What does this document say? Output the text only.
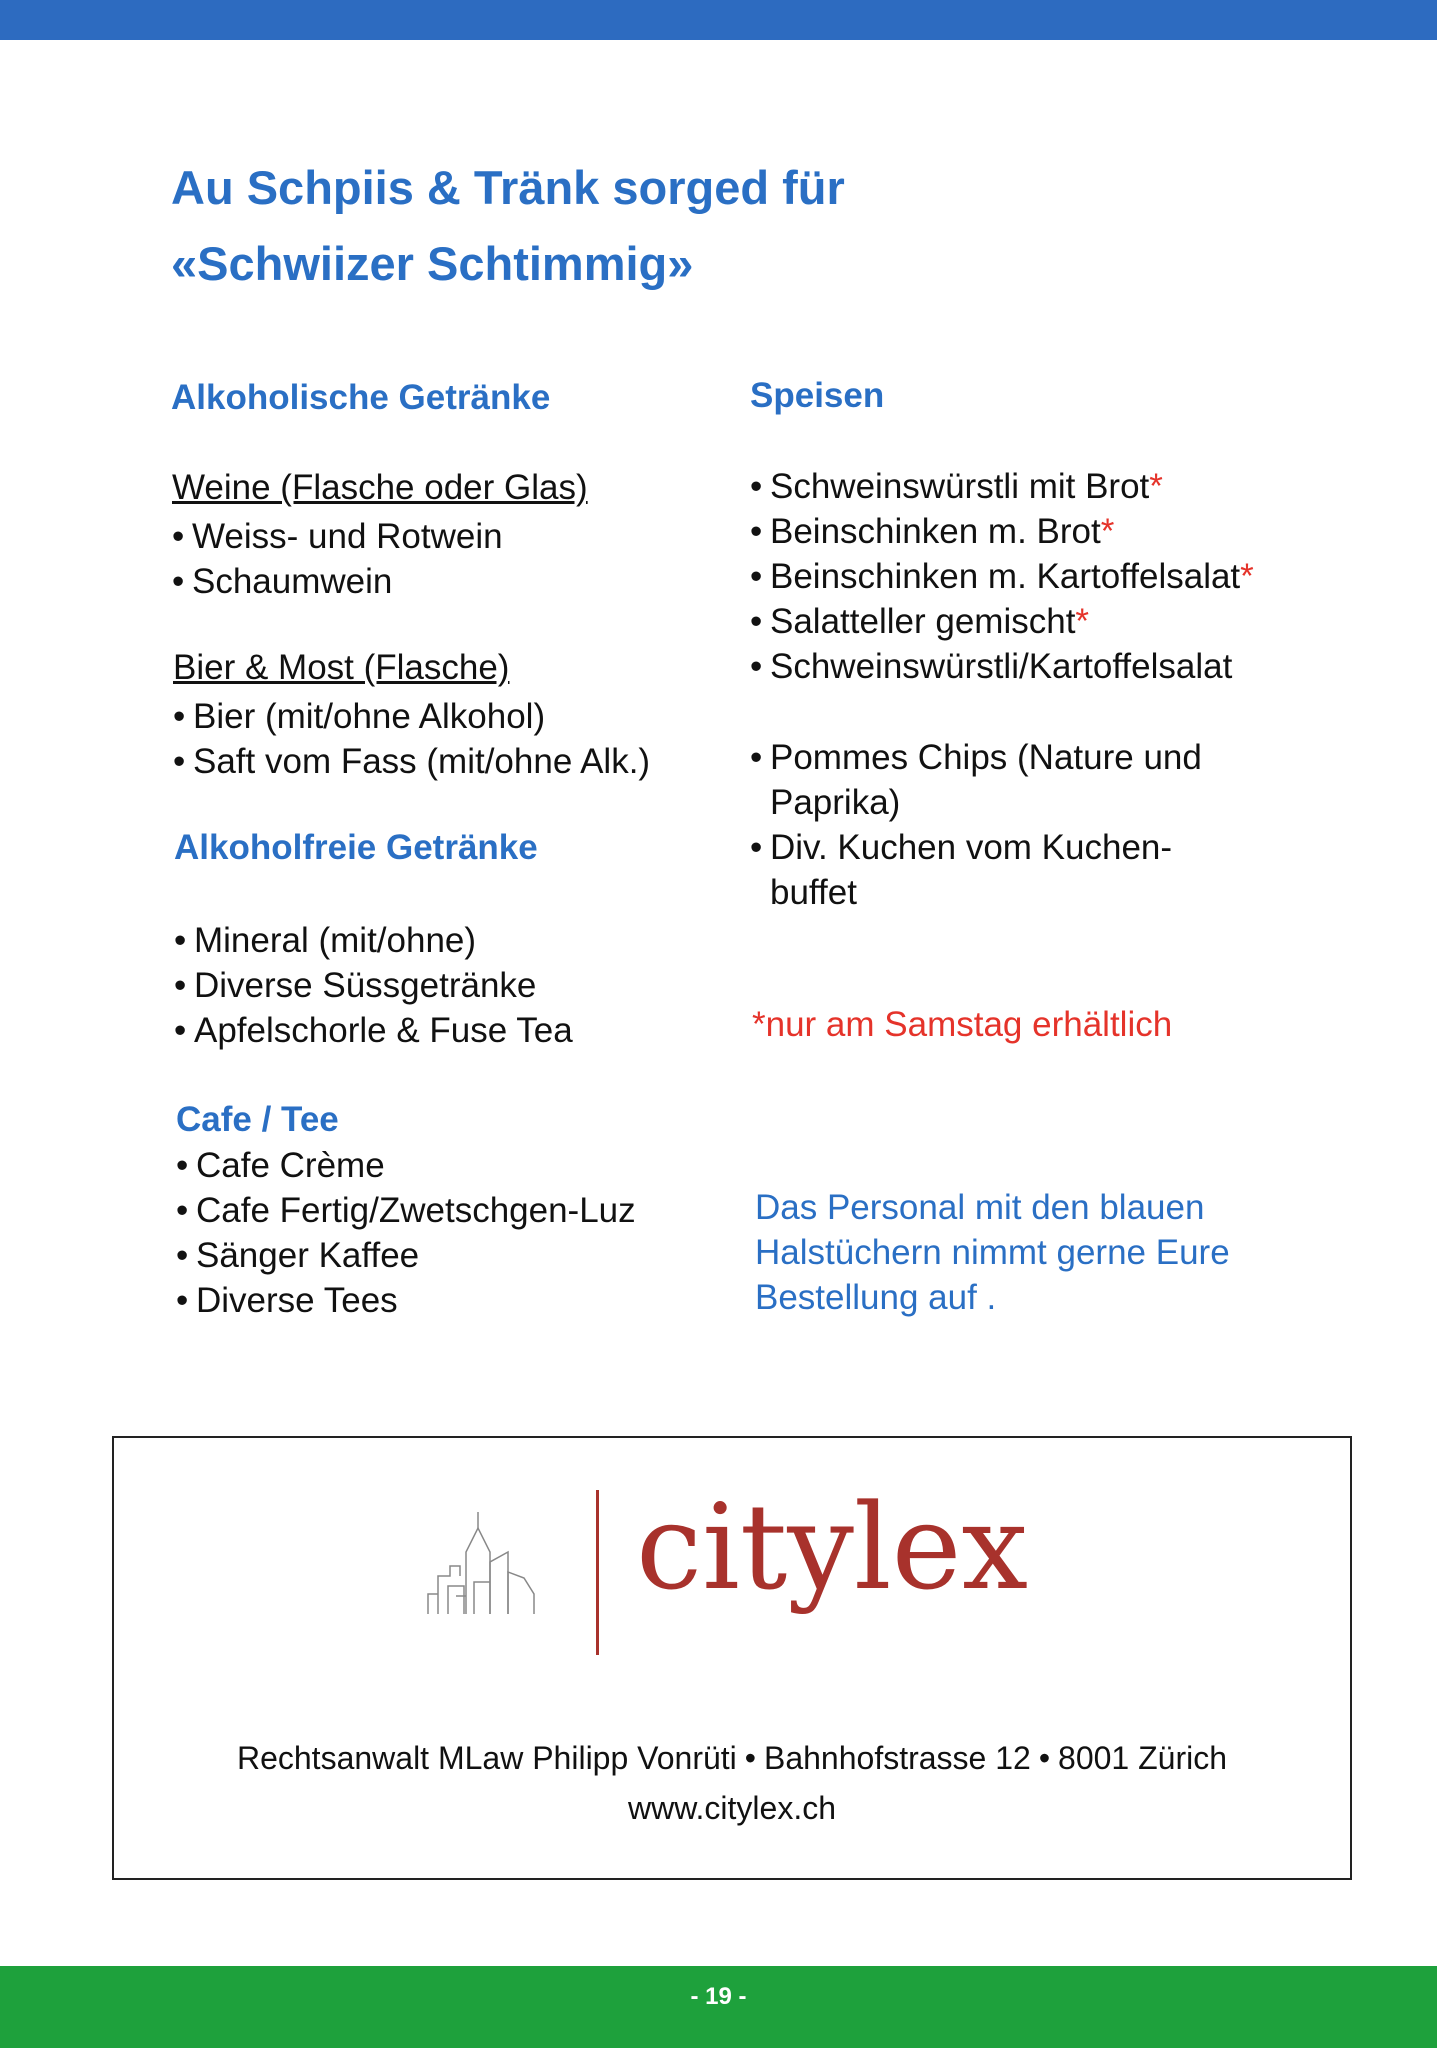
Au Schpiis & Tränk sorged für
«Schwiizer Schtimmig»
Alkoholische Getränke
Weine (Flasche oder Glas)
• Weiss- und Rotwein
• Schaumwein
Bier & Most (Flasche)
• Bier (mit/ohne Alkohol)
• Saft vom Fass (mit/ohne Alk.)
Alkoholfreie Getränke
• Mineral (mit/ohne)
• Diverse Süssgetränke
• Apfelschorle & Fuse Tea
Cafe / Tee
• Cafe Crème
• Cafe Fertig/Zwetschgen-Luz
• Sänger Kaffee
• Diverse Tees
Speisen
• Schweinswürstli mit Brot*
• Beinschinken m. Brot*
• Beinschinken m. Kartoffelsalat*
• Salatteller gemischt*
• Schweinswürstli/Kartoffelsalat
• Pommes Chips (Nature und Paprika)
• Div. Kuchen vom Kuchen-buffet
*nur am Samstag erhältlich
Das Personal mit den blauen Halstüchern nimmt gerne Eure Bestellung auf .
citylex
Rechtsanwalt MLaw Philipp Vonrüti • Bahnhofstrasse 12 • 8001 Zürich
www.citylex.ch
- 19 -
